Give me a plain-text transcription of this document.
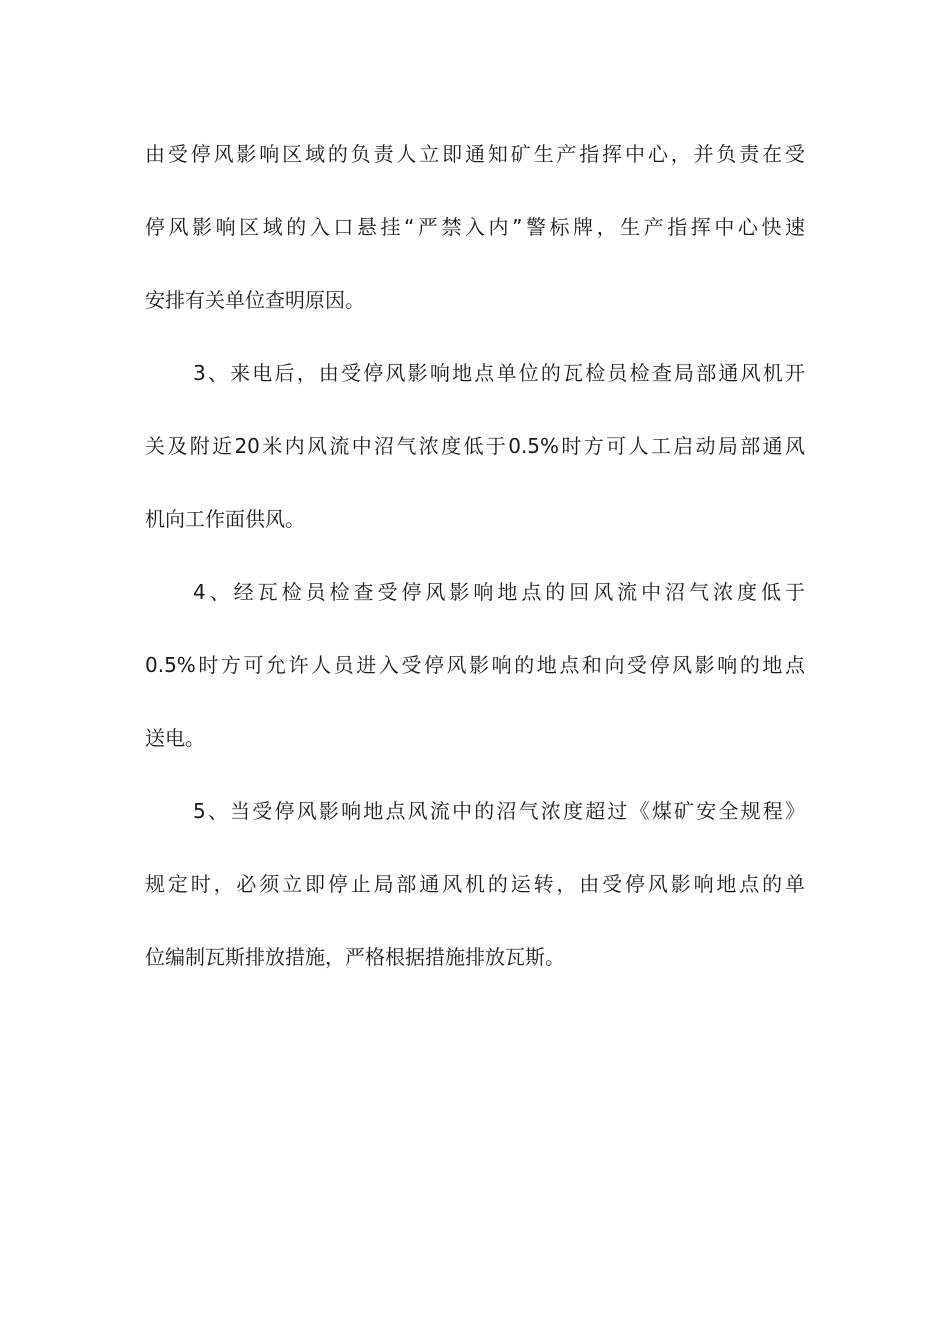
由受停风影响区域的负责人立即通知矿生产指挥中心，并负责在受
停风影响区域的入口悬挂“严禁入内”警标牌，生产指挥中心快速
安排有关单位查明原因。
3、来电后，由受停风影响地点单位的瓦检员检查局部通风机开
关及附近20米内风流中沼气浓度低于0.5%时方可人工启动局部通风
机向工作面供风。
4、经瓦检员检查受停风影响地点的回风流中沼气浓度低于
0.5%时方可允许人员进入受停风影响的地点和向受停风影响的地点
送电。
5、当受停风影响地点风流中的沼气浓度超过《煤矿安全规程》
规定时，必须立即停止局部通风机的运转，由受停风影响地点的单
位编制瓦斯排放措施，严格根据措施排放瓦斯。
